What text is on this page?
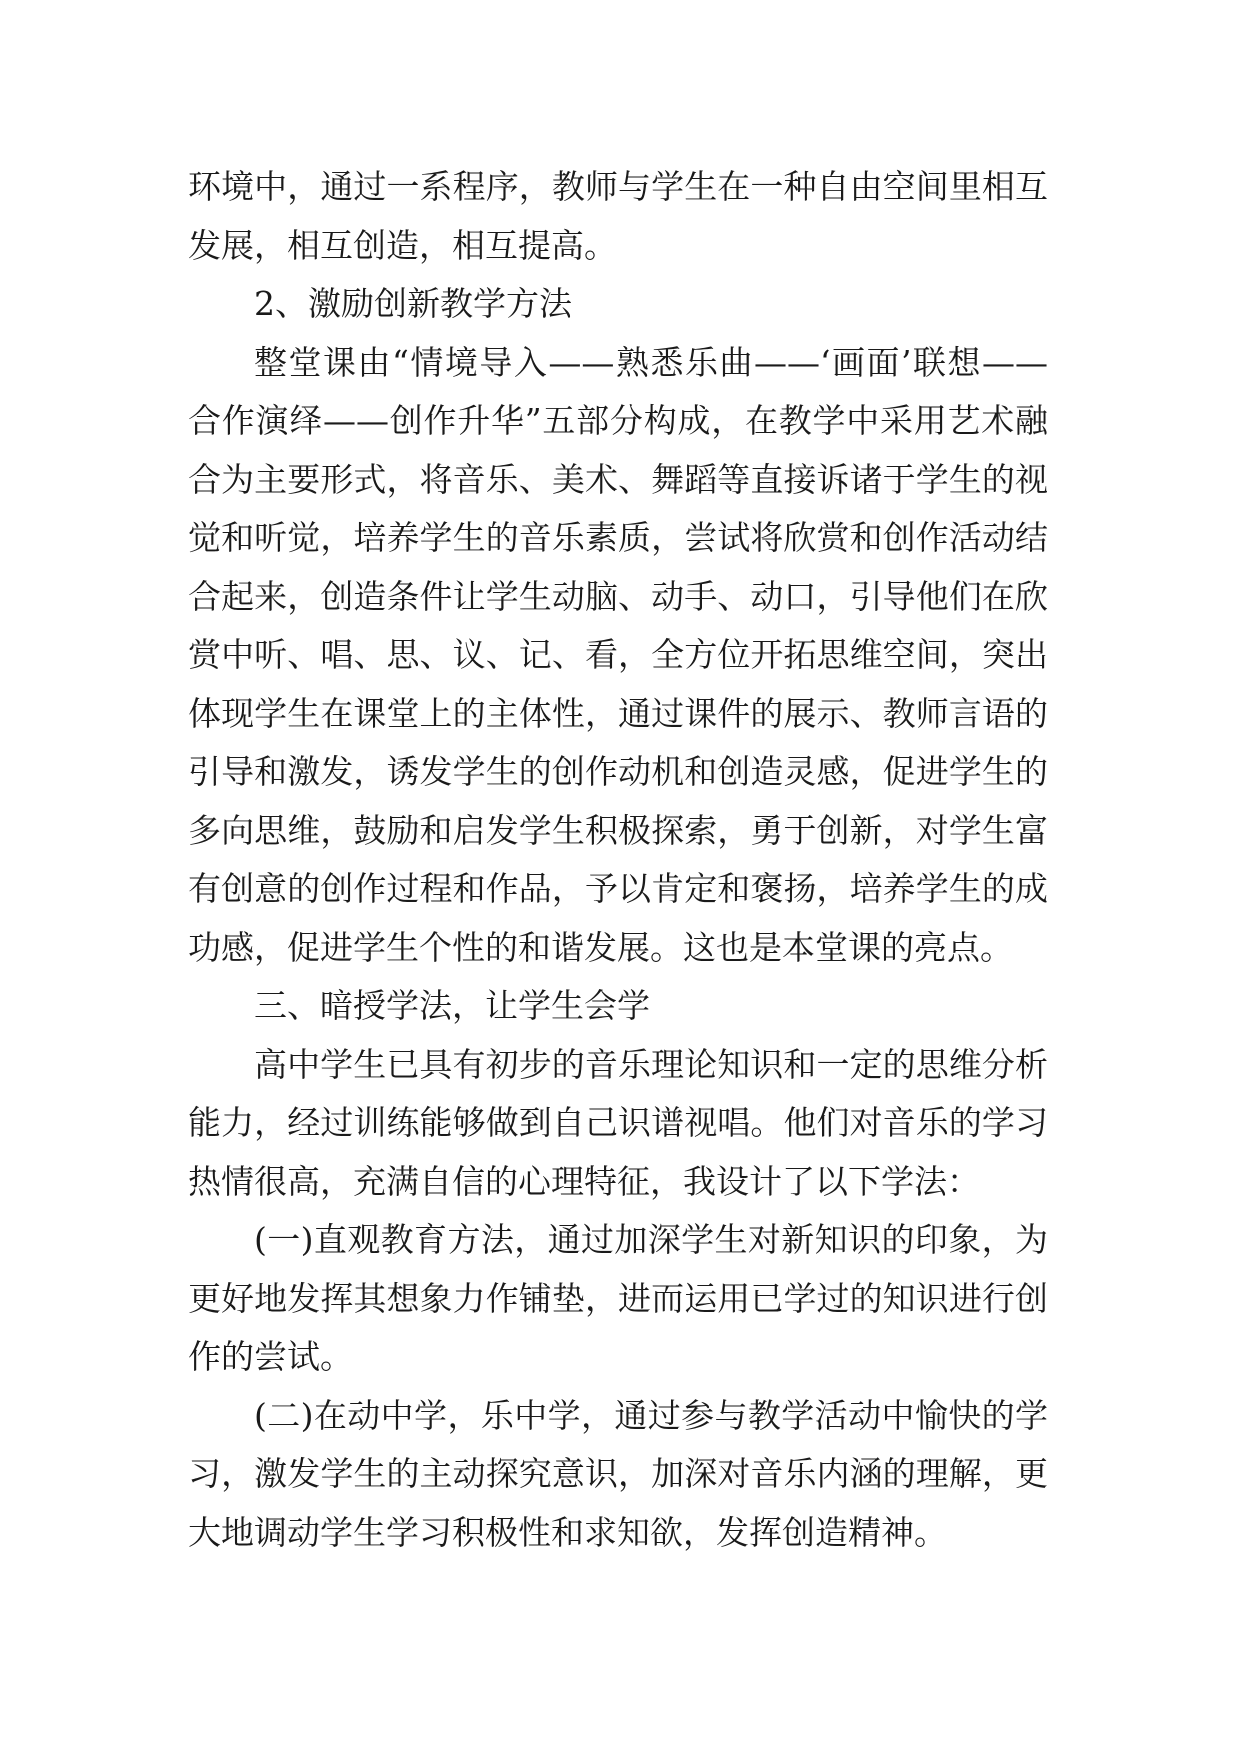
环境中，通过一系程序，教师与学生在一种自由空间里相互发展，相互创造，相互提高。

2、激励创新教学方法

整堂课由“情境导入——熟悉乐曲——‘画面’联想——合作演绎——创作升华”五部分构成，在教学中采用艺术融合为主要形式，将音乐、美术、舞蹈等直接诉诸于学生的视觉和听觉，培养学生的音乐素质，尝试将欣赏和创作活动结合起来，创造条件让学生动脑、动手、动口，引导他们在欣赏中听、唱、思、议、记、看，全方位开拓思维空间，突出体现学生在课堂上的主体性，通过课件的展示、教师言语的引导和激发，诱发学生的创作动机和创造灵感，促进学生的多向思维，鼓励和启发学生积极探索，勇于创新，对学生富有创意的创作过程和作品，予以肯定和褒扬，培养学生的成功感，促进学生个性的和谐发展。这也是本堂课的亮点。

三、暗授学法，让学生会学

高中学生已具有初步的音乐理论知识和一定的思维分析能力，经过训练能够做到自己识谱视唱。他们对音乐的学习热情很高，充满自信的心理特征，我设计了以下学法：

(一)直观教育方法，通过加深学生对新知识的印象，为更好地发挥其想象力作铺垫，进而运用已学过的知识进行创作的尝试。

(二)在动中学，乐中学，通过参与教学活动中愉快的学习，激发学生的主动探究意识，加深对音乐内涵的理解，更大地调动学生学习积极性和求知欲，发挥创造精神。
